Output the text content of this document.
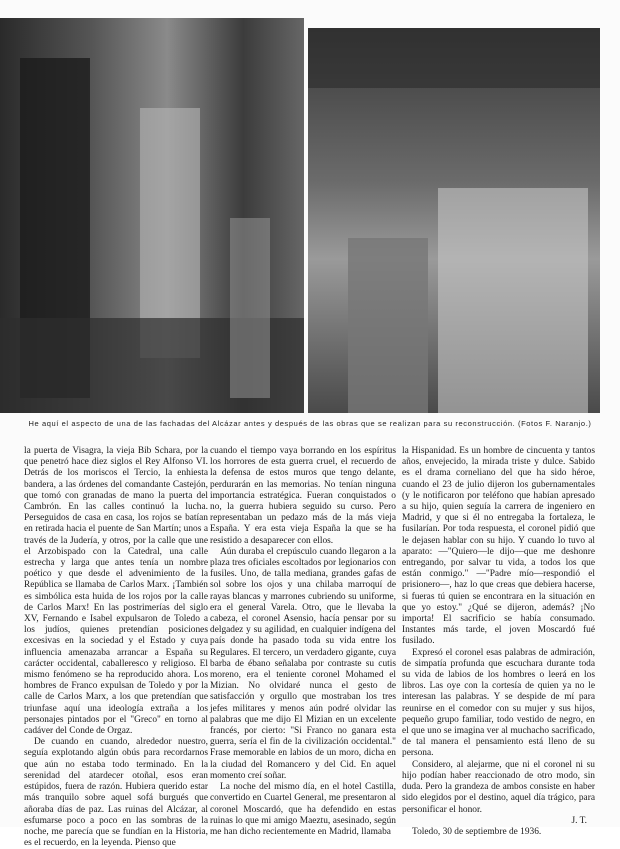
He aquí el aspecto de una de las fachadas del Alcázar antes y después de las obras que se realizan para su reconstrucción. (Fotos F. Naranjo.)

la puerta de Visagra, la vieja Bib Schara, por la que penetró hace diez siglos el Rey Alfonso VI. Detrás de los moriscos el Tercio, la enhiesta bandera, a las órdenes del comandante Castejón, que tomó con granadas de mano la puerta del Cambrón. En las calles continuó la lucha. Perseguidos de casa en casa, los rojos se batían en retirada hacia el puente de San Martín; unos a través de la Judería, y otros, por la calle que une el Arzobispado con la Catedral, una calle estrecha y larga que antes tenía un nombre poético y que desde el advenimiento de la República se llamaba de Carlos Marx. ¡También es simbólica esta huida de los rojos por la calle de Carlos Marx! En las postrimerías del siglo XV, Fernando e Isabel expulsaron de Toledo a los judíos, quienes pretendían posiciones excesivas en la sociedad y el Estado y cuya influencia amenazaba arrancar a España su carácter occidental, caballeresco y religioso. El mismo fenómeno se ha reproducido ahora. Los hombres de Franco expulsan de Toledo y por la calle de Carlos Marx, a los que pretendían que triunfase aquí una ideología extraña a los personajes pintados por el "Greco" en torno al cadáver del Conde de Orgaz.

De cuando en cuando, alrededor nuestro, seguía explotando algún obús para recordarnos que aún no estaba todo terminado. En la serenidad del atardecer otoñal, esos eran estúpidos, fuera de razón. Hubiera querido estar más tranquilo sobre aquel sofá burgués que añoraba días de paz. Las ruinas del Alcázar, al esfumarse poco a poco en las sombras de la noche, me parecía que se fundían en la Historia, es el recuerdo, en la leyenda. Pienso que

cuando el tiempo vaya borrando en los espíritus los horrores de esta guerra cruel, el recuerdo de la defensa de estos muros que tengo delante, perdurarán en las memorias. No tenían ninguna importancia estratégica. Fueran conquistados o no, la guerra hubiera seguido su curso. Pero representaban un pedazo más de la más vieja España. Y era esta vieja España la que se ha resistido a desaparecer con ellos.

Aún duraba el crepúsculo cuando llegaron a la plaza tres oficiales escoltados por legionarios con fusiles. Uno, de talla mediana, grandes gafas de sol sobre los ojos y una chilaba marroquí de rayas blancas y marrones cubriendo su uniforme, era el general Varela. Otro, que le llevaba la cabeza, el coronel Asensio, hacía pensar por su delgadez y su agilidad, en cualquier indígena del país donde ha pasado toda su vida entre los Regulares. El tercero, un verdadero gigante, cuya barba de ébano señalaba por contraste su cutis moreno, era el teniente coronel Mohamed el Mizian. No olvidaré nunca el gesto de satisfacción y orgullo que mostraban los tres jefes militares y menos aún podré olvidar las palabras que me dijo El Mizian en un excelente francés, por cierto: "Si Franco no ganara esta guerra, sería el fin de la civilización occidental." Frase memorable en labios de un moro, dicha en la ciudad del Romancero y del Cid. En aquel momento creí soñar.

La noche del mismo día, en el hotel Castilla, convertido en Cuartel General, me presentaron al coronel Moscardó, que ha defendido en estas ruinas lo que mi amigo Maeztu, asesinado, según me han dicho recientemente en Madrid, llamaba

la Hispanidad. Es un hombre de cincuenta y tantos años, envejecido, la mirada triste y dulce. Sabido es el drama corneliano del que ha sido héroe, cuando el 23 de julio dijeron los gubernamentales (y le notificaron por teléfono que habían apresado a su hijo, quien seguía la carrera de ingeniero en Madrid, y que si él no entregaba la fortaleza, le fusilarían. Por toda respuesta, el coronel pidió que le dejasen hablar con su hijo. Y cuando lo tuvo al aparato: —"Quiero—le dijo—que me deshonre entregando, por salvar tu vida, a todos los que están conmigo." —"Padre mío—respondió el prisionero—, haz lo que creas que debiera hacerse, si fueras tú quien se encontrara en la situación en que yo estoy." ¿Qué se dijeron, además? ¡No importa! El sacrificio se había consumado. Instantes más tarde, el joven Moscardó fué fusilado.

Expresó el coronel esas palabras de admiración, de simpatía profunda que escuchara durante toda su vida de labios de los hombres o leerá en los libros. Las oye con la cortesía de quien ya no le interesan las palabras. Y se despide de mí para reunirse en el comedor con su mujer y sus hijos, pequeño grupo familiar, todo vestido de negro, en el que uno se imagina ver al muchacho sacrificado, de tal manera el pensamiento está lleno de su persona.

Considero, al alejarme, que ni el coronel ni su hijo podían haber reaccionado de otro modo, sin duda. Pero la grandeza de ambos consiste en haber sido elegidos por el destino, aquel día trágico, para personificar el honor.

J. T.
Toledo, 30 de septiembre de 1936.
